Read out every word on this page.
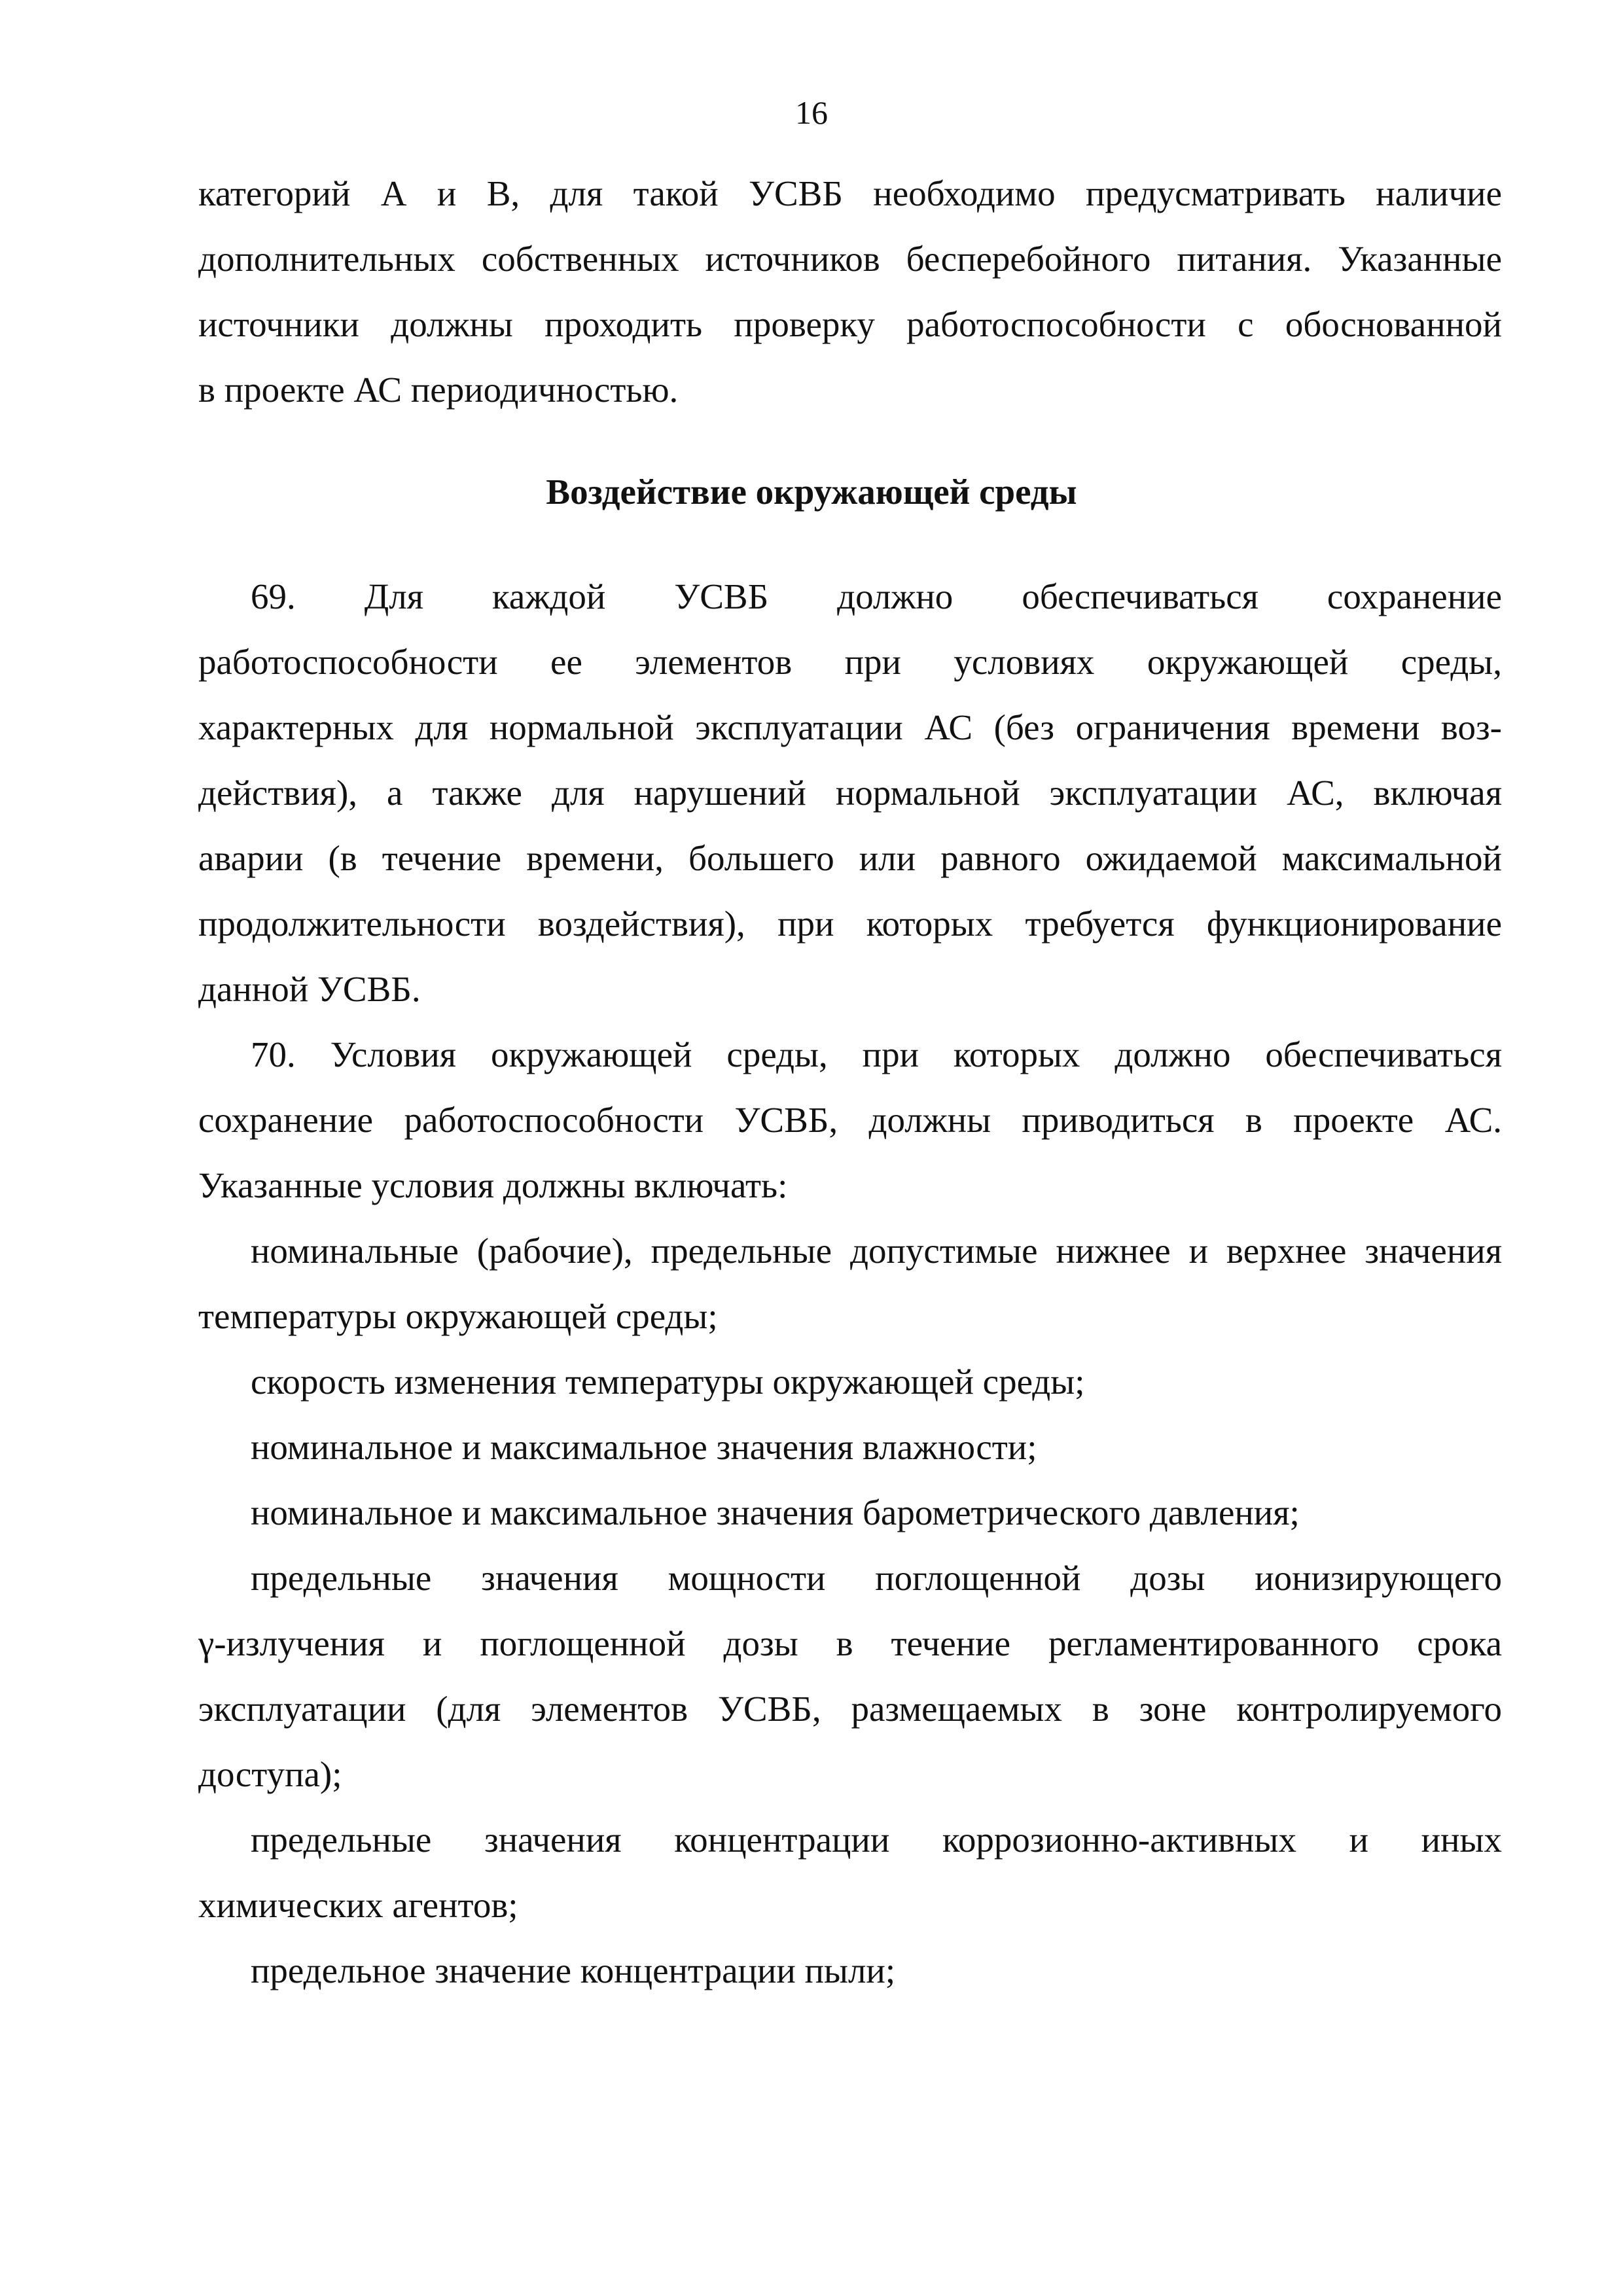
16
категорий А и В, для такой УСВБ необходимо предусматривать наличие
дополнительных собственных источников бесперебойного питания. Указанные
источники должны проходить проверку работоспособности с обоснованной
в проекте АС периодичностью.
Воздействие окружающей среды
69. Для каждой УСВБ должно обеспечиваться сохранение
работоспособности ее элементов при условиях окружающей среды,
характерных для нормальной эксплуатации АС (без ограничения времени воз-
действия), а также для нарушений нормальной эксплуатации АС, включая
аварии (в течение времени, большего или равного ожидаемой максимальной
продолжительности воздействия), при которых требуется функционирование
данной УСВБ.
70. Условия окружающей среды, при которых должно обеспечиваться
сохранение работоспособности УСВБ, должны приводиться в проекте АС.
Указанные условия должны включать:
номинальные (рабочие), предельные допустимые нижнее и верхнее значения
температуры окружающей среды;
скорость изменения температуры окружающей среды;
номинальное и максимальное значения влажности;
номинальное и максимальное значения барометрического давления;
предельные значения мощности поглощенной дозы ионизирующего
γ-излучения и поглощенной дозы в течение регламентированного срока
эксплуатации (для элементов УСВБ, размещаемых в зоне контролируемого
доступа);
предельные значения концентрации коррозионно-активных и иных
химических агентов;
предельное значение концентрации пыли;
